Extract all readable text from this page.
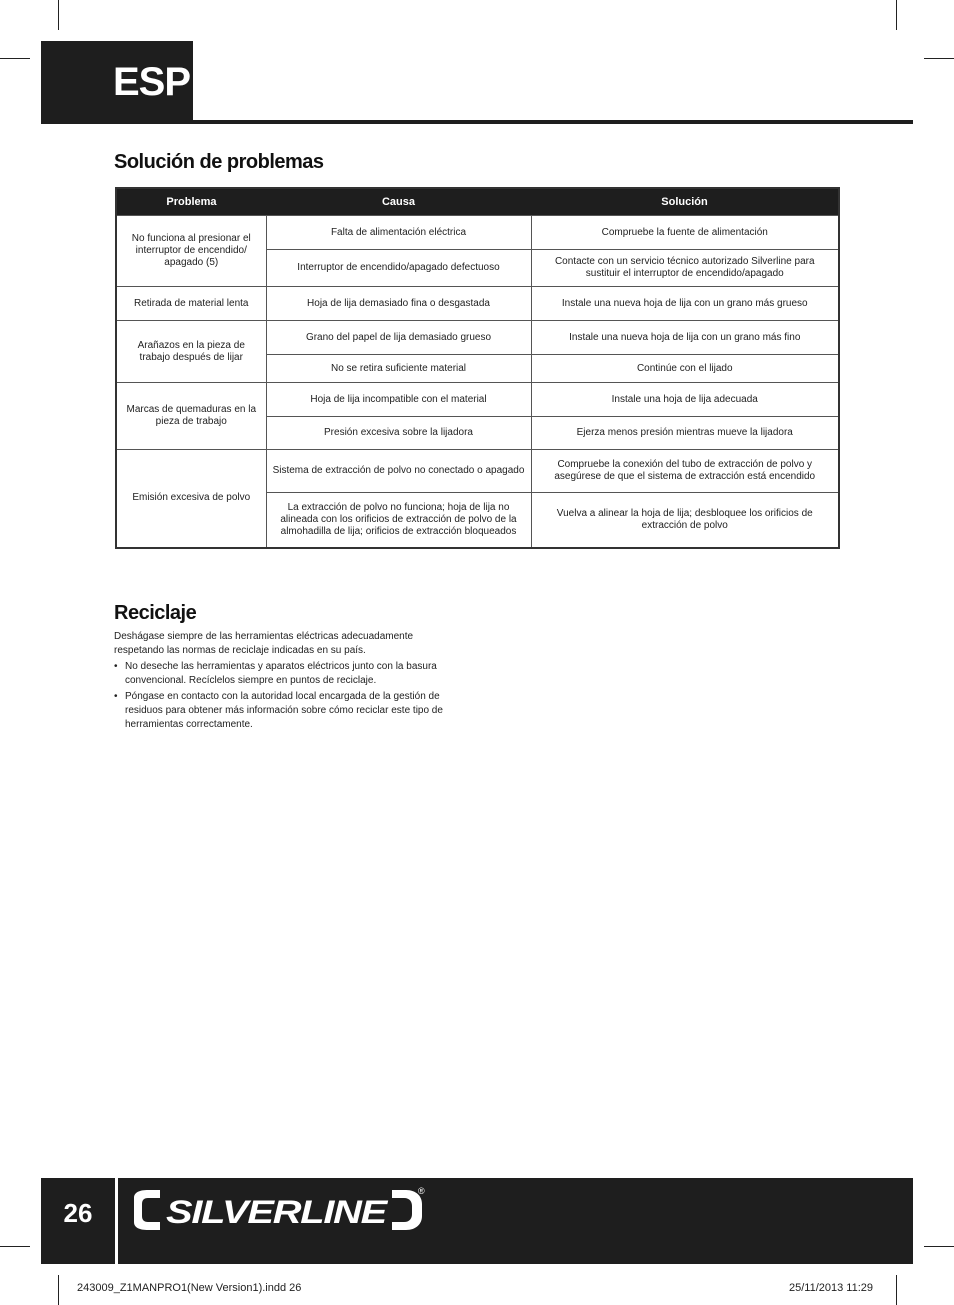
ESP
Solución de problemas
Problema	Causa	Solución
No funciona al presionar el interruptor de encendido/ apagado (5)	Falta de alimentación eléctrica	Compruebe la fuente de alimentación
	Interruptor de encendido/apagado defectuoso	Contacte con un servicio técnico autorizado Silverline para sustituir el interruptor de encendido/apagado
Retirada de material lenta	Hoja de lija demasiado fina o desgastada	Instale una nueva hoja de lija con un grano más grueso
Arañazos en la pieza de trabajo después de lijar	Grano del papel de lija demasiado grueso	Instale una nueva hoja de lija con un grano más fino
	No se retira suficiente material	Continúe con el lijado
Marcas de quemaduras en la pieza de trabajo	Hoja de lija incompatible con el material	Instale una hoja de lija adecuada
	Presión excesiva sobre la lijadora	Ejerza menos presión mientras mueve la lijadora
Emisión excesiva de polvo	Sistema de extracción de polvo no conectado o apagado	Compruebe la conexión del tubo de extracción de polvo y asegúrese de que el sistema de extracción está encendido
	La extracción de polvo no funciona; hoja de lija no alineada con los orificios de extracción de polvo de la almohadilla de lija; orificios de extracción bloqueados	Vuelva a alinear la hoja de lija; desbloquee los orificios de extracción de polvo
Reciclaje

Deshágase siempre de las herramientas eléctricas adecuadamente respetando las normas de reciclaje indicadas en su país.

• No deseche las herramientas y aparatos eléctricos junto con la basura convencional. Recíclelos siempre en puntos de reciclaje.
• Póngase en contacto con la autoridad local encargada de la gestión de residuos para obtener más información sobre cómo reciclar este tipo de herramientas correctamente.
26	SILVERLINE
®
243009_Z1MANPRO1(New Version1).indd 26	25/11/2013 11:29
